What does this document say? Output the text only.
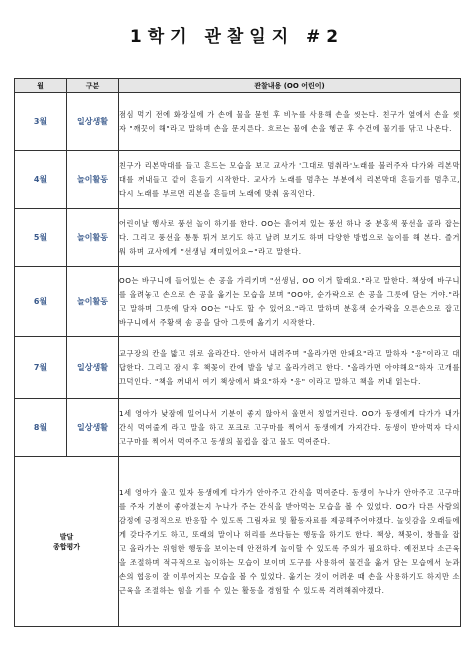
1학기 관찰일지 #2
월	구분	관찰내용 (OO 어린이)
3월	일상생활	점심 먹기 전에 화장실에 가 손에 물을 묻힌 후 비누를 사용해 손을 씻는다. 친구가 옆에서 손을 씻자 "깨끗이 해"라고 말하며 손을 문지른다. 흐르는 물에 손을 헹군 후 수건에 물기를 닦고 나온다.
4월	놀이활동	친구가 리본막대를 들고 흔드는 모습을 보고 교사가 '그대로 멈춰라'노래를 불러주자 다가와 리본막대를 꺼내들고 같이 흔들기 시작한다. 교사가 노래를 멈추는 부분에서 리본막대 흔들기를 멈추고, 다시 노래를 부르면 리본을 흔들며 노래에 맞춰 움직인다.
5월	놀이활동	어린이날 행사로 풍선 놀이 하기를 한다. OO는 흩어져 있는 풍선 하나 중 분홍색 풍선을 골라 잡는다. 그리고 풍선을 통통 튀겨 보기도 하고 날려 보기도 하며 다양한 방법으로 놀이를 해 본다. 즐거워 하며 교사에게 "선생님 재미있어요~"라고 말한다.
6월	놀이활동	OO는 바구니에 들어있는 손 공을 가리키며 "선생님, OO 이거 할래요."라고 말한다. 책상에 바구니를 올려놓고 손으로 손 공을 옮기는 모습을 보며 "OO야, 순가락으로 손 공을 그릇에 담는 거야."라고 말하며 그릇에 담자 OO는 "나도 할 수 있어요."라고 말하며 분홍색 순가락을 오른손으로 잡고 바구니에서 주황색 솜 공을 담아 그릇에 옮기기 시작한다.
7월	일상생활	교구장의 칸을 밟고 위로 올라간다. 안아서 내려주며 "올라가면 안돼요"라고 말하자 "응"이라고 대답한다. 그리고 잠시 후 책꽂이 칸에 발을 넣고 올라가려고 한다. "올라가면 아야해요"하자 고개를 끄덕인다. "책을 꺼내서 여기 책상에서 봐요"하자 "응" 이라고 말하고 책을 꺼내 읽는다.
8월	일상생활	1세 영아가 낮잠에 일어나서 기분이 좋지 않아서 울면서 칭얼거린다. OO가 동생에게 다가가 내가 간식 먹여줄게 라고 말을 하고 포크로 고구마를 찍어서 동생에게 가져간다. 동생이 받아먹자 다시 고구마를 찍어서 먹여주고 동생의 물컵을 잡고 물도 먹여준다.

발달
종합평가		1세 영아가 울고 있자 동생에게 다가가 안아주고 간식을 먹여준다. 동생이 누나가 안아주고 고구마를 주자 기분이 좋아졌는지 누나가 주는 간식을 받아먹는 모습을 볼 수 있었다. OO가 다른 사람의 감정에 긍정적으로 반응할 수 있도록 그림자료 및 활동자료를 제공해주어야겠다. 놀잇감을 오래들에게 갖다주기도 하고, 또래의 말이나 허리를 쓰다듬는 행동을 하기도 한다. 책상, 책꽂이, 창틀을 잡고 올라가는 위험한 행동을 보이는데 안전하게 놀이할 수 있도록 주의가 필요하다. 예전보다 소근육을 조절하며 적극적으로 놀이하는 모습이 보이며 도구를 사용하여 물건을 옮겨 담는 모습에서 눈과 손의 협응이 잘 이루어지는 모습을 볼 수 있었다. 옮기는 것이 어려운 때 손을 사용하기도 하지만 소근육을 조절하는 힘을 기를 수 있는 활동을 경험할 수 있도록 격려해줘야겠다.
